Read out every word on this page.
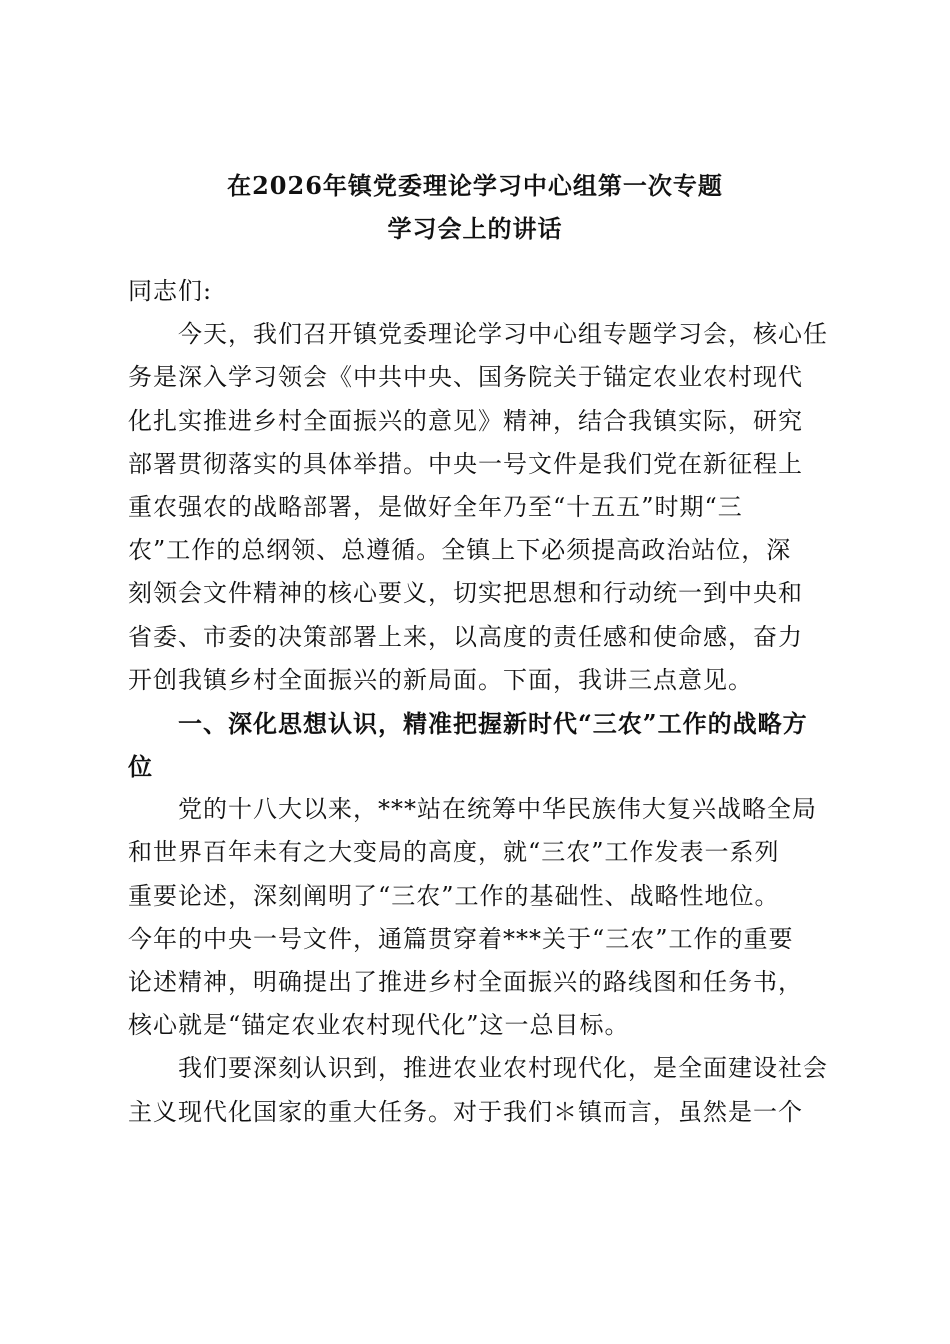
在2026年镇党委理论学习中心组第一次专题
学习会上的讲话
同志们:
　　今天，我们召开镇党委理论学习中心组专题学习会，核心任
务是深入学习领会《中共中央、国务院关于锚定农业农村现代
化扎实推进乡村全面振兴的意见》精神，结合我镇实际，研究
部署贯彻落实的具体举措。中央一号文件是我们党在新征程上
重农强农的战略部署，是做好全年乃至“十五五”时期“三
农”工作的总纲领、总遵循。全镇上下必须提高政治站位，深
刻领会文件精神的核心要义，切实把思想和行动统一到中央和
省委、市委的决策部署上来，以高度的责任感和使命感，奋力
开创我镇乡村全面振兴的新局面。下面，我讲三点意见。
　　一、深化思想认识，精准把握新时代“三农”工作的战略方
位
　　党的十八大以来，***站在统筹中华民族伟大复兴战略全局
和世界百年未有之大变局的高度，就“三农”工作发表一系列
重要论述，深刻阐明了“三农”工作的基础性、战略性地位。
今年的中央一号文件，通篇贯穿着***关于“三农”工作的重要
论述精神，明确提出了推进乡村全面振兴的路线图和任务书，
核心就是“锚定农业农村现代化”这一总目标。
　　我们要深刻认识到，推进农业农村现代化，是全面建设社会
主义现代化国家的重大任务。对于我们＊镇而言，虽然是一个
